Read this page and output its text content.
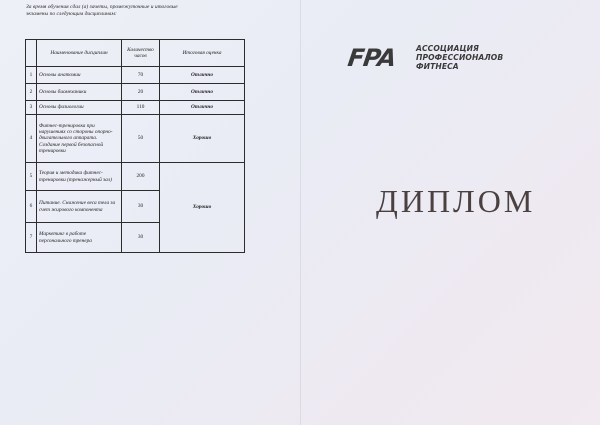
За время обучения сдал (а) зачеты, промежуточные и итоговые
экзамены по следующим дисциплинам:
	Наименование дисциплин	Количество часов	Итоговая оценка
1	Основы анатомии	70	Отлично
2	Основы биомеханики	20	Отлично
3	Основы физиологии	110	Отлично
4	Фитнес-тренировка при нарушениях со стороны опорно-двигательного аппарата. Создание первой безопасной тренировки	50	Хорошо
5	Теория и методика фитнес-тренировки (тренажерный зал)	200	Хорошо
6	Питание. Снижение веса тела за счет жирового компонента	30	
7	Маркетинг в работе персонального тренера	30	
FPA АССОЦИАЦИЯ
ПРОФЕССИОНАЛОВ
ФИТНЕСА
ДИПЛОМ
